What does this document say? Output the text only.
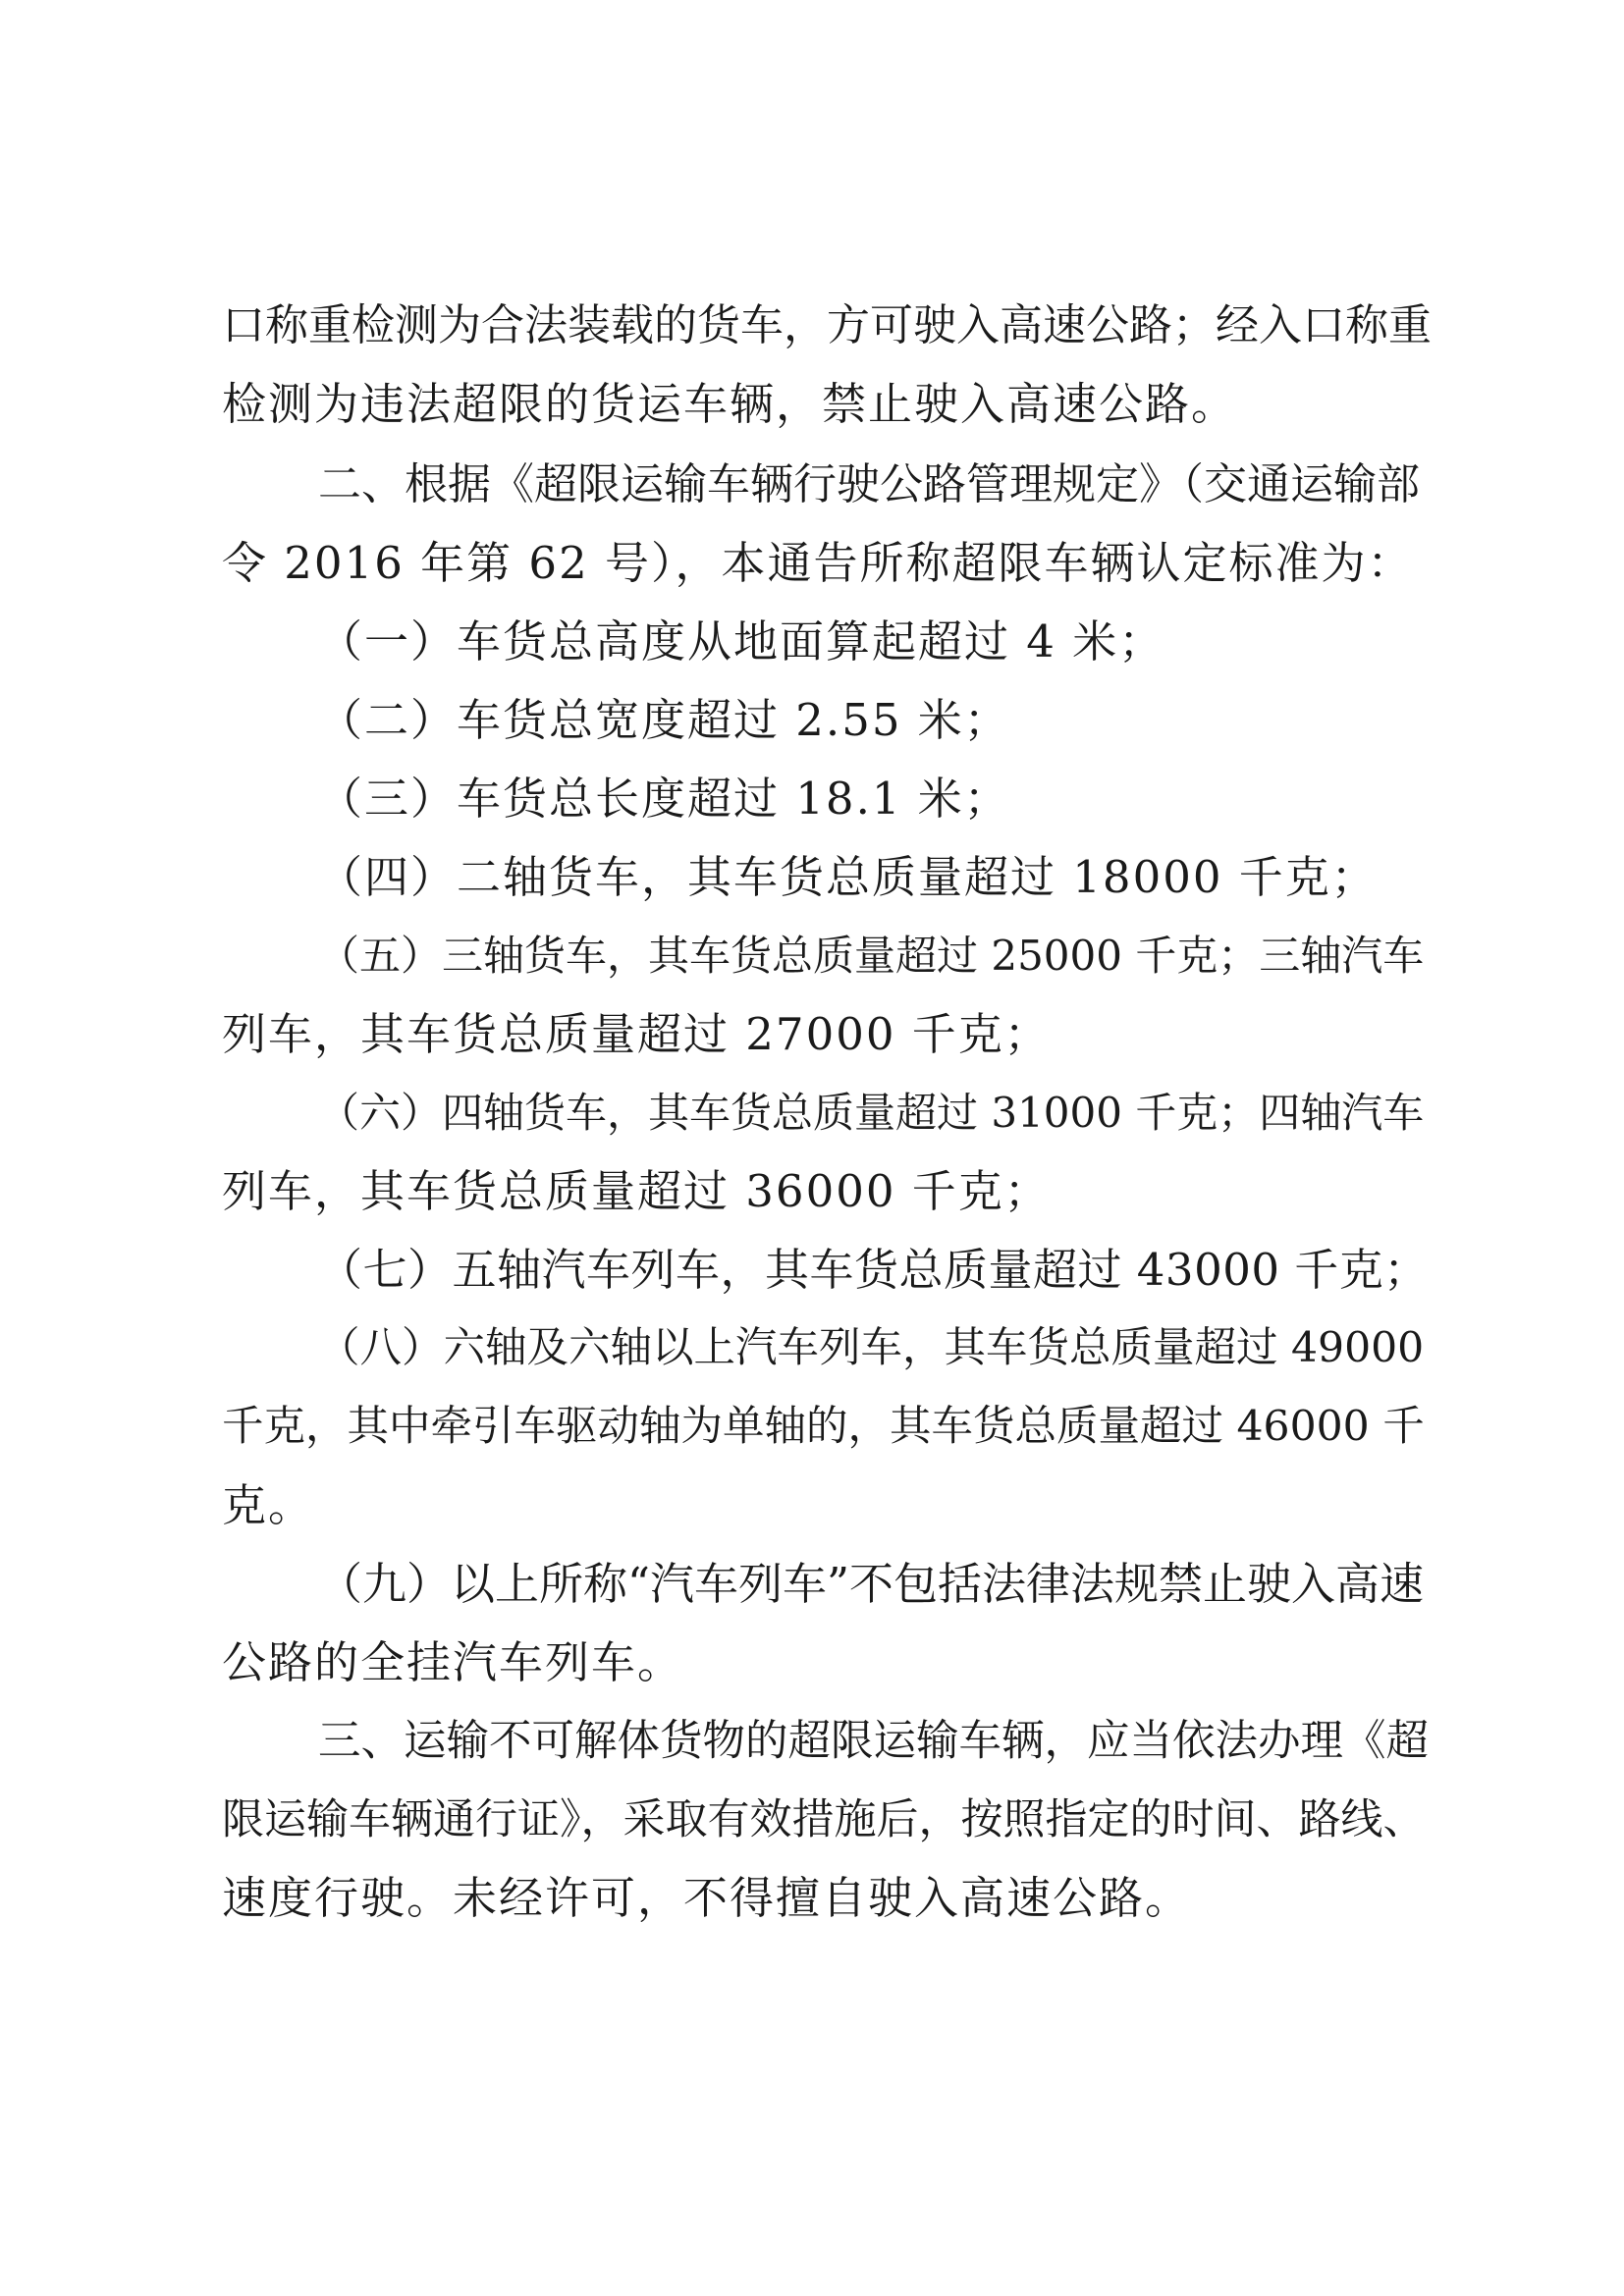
口称重检测为合法装载的货车，方可驶入高速公路；经入口称重
检测为违法超限的货运车辆，禁止驶入高速公路。
二、根据《超限运输车辆行驶公路管理规定》（交通运输部
令 2016 年第 62 号），本通告所称超限车辆认定标准为：
（一）车货总高度从地面算起超过 4 米；
（二）车货总宽度超过 2.55 米；
（三）车货总长度超过 18.1 米；
（四）二轴货车，其车货总质量超过 18000 千克；
（五）三轴货车，其车货总质量超过 25000 千克；三轴汽车
列车，其车货总质量超过 27000 千克；
（六）四轴货车，其车货总质量超过 31000 千克；四轴汽车
列车，其车货总质量超过 36000 千克；
（七）五轴汽车列车，其车货总质量超过 43000 千克；
（八）六轴及六轴以上汽车列车，其车货总质量超过 49000
千克，其中牵引车驱动轴为单轴的，其车货总质量超过 46000 千
克。
（九）以上所称“汽车列车”不包括法律法规禁止驶入高速
公路的全挂汽车列车。
三、运输不可解体货物的超限运输车辆，应当依法办理《超
限运输车辆通行证》，采取有效措施后，按照指定的时间、路线、
速度行驶。未经许可，不得擅自驶入高速公路。
